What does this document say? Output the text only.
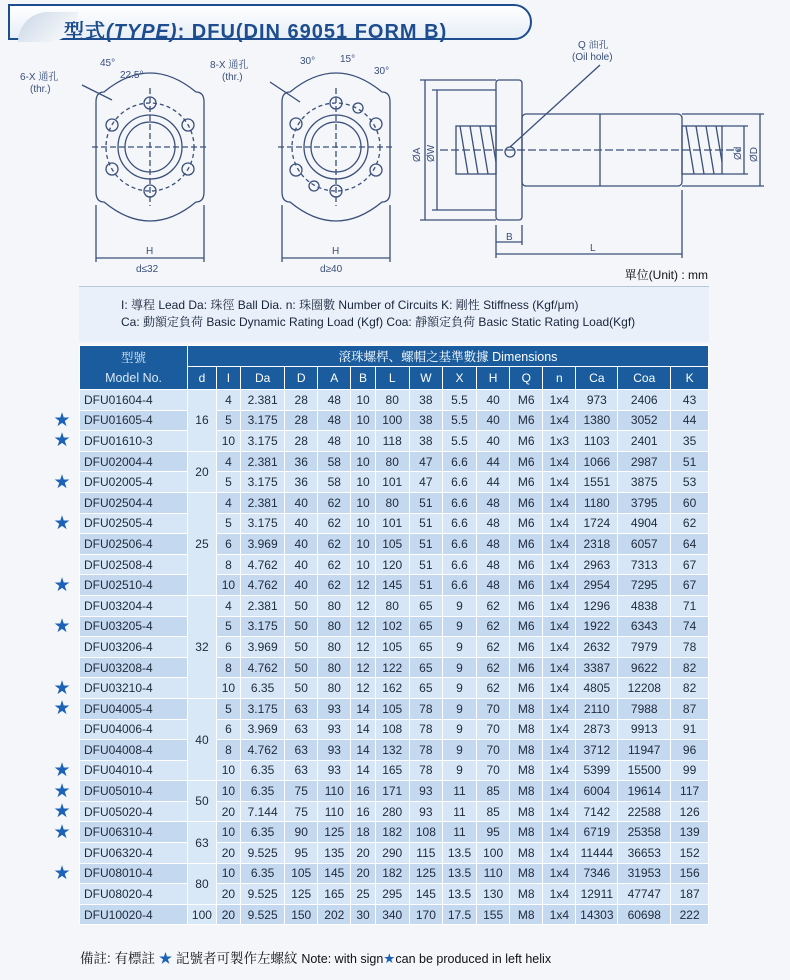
型式(TYPE): DFU(DIN 69051 FORM B)
6-X 通孔
(thr.)
45°
22.5°
H
d≤32
8-X 通孔
(thr.)
30° 15°
30°
H
d≥40
Q 油孔
(Oil hole)
ØA ØW	Ød ØD
B
L
單位(Unit) : mm
I: 導程 Lead Da: 珠徑 Ball Dia. n: 珠圈數 Number of Circuits K: 剛性 Stiffness (Kgf/μm)
Ca: 動額定負荷 Basic Dynamic Rating Load (Kgf) Coa: 靜額定負荷 Basic Static Rating Load(Kgf)
★
★
★
★
★
★
★
★
★
★
★
★
★
型號
Model No.	滾珠螺桿、螺帽之基準數據 Dimensions														
	d	I	Da	D	A	B	L	W	X	H	Q	n	Ca	Coa	K
DFU01604-4	16	4	2.381	28	48	10	80	38	5.5	40	M6	1x4	973	2406	43
DFU01605-4		5	3.175	28	48	10	100	38	5.5	40	M6	1x4	1380	3052	44
DFU01610-3		10	3.175	28	48	10	118	38	5.5	40	M6	1x3	1103	2401	35
DFU02004-4	20	4	2.381	36	58	10	80	47	6.6	44	M6	1x4	1066	2987	51
DFU02005-4		5	3.175	36	58	10	101	47	6.6	44	M6	1x4	1551	3875	53
DFU02504-4	25	4	2.381	40	62	10	80	51	6.6	48	M6	1x4	1180	3795	60
DFU02505-4		5	3.175	40	62	10	101	51	6.6	48	M6	1x4	1724	4904	62
DFU02506-4		6	3.969	40	62	10	105	51	6.6	48	M6	1x4	2318	6057	64
DFU02508-4		8	4.762	40	62	10	120	51	6.6	48	M6	1x4	2963	7313	67
DFU02510-4		10	4.762	40	62	12	145	51	6.6	48	M6	1x4	2954	7295	67
DFU03204-4	32	4	2.381	50	80	12	80	65	9	62	M6	1x4	1296	4838	71
DFU03205-4		5	3.175	50	80	12	102	65	9	62	M6	1x4	1922	6343	74
DFU03206-4		6	3.969	50	80	12	105	65	9	62	M6	1x4	2632	7979	78
DFU03208-4		8	4.762	50	80	12	122	65	9	62	M6	1x4	3387	9622	82
DFU03210-4		10	6.35	50	80	12	162	65	9	62	M6	1x4	4805	12208	82
DFU04005-4	40	5	3.175	63	93	14	105	78	9	70	M8	1x4	2110	7988	87
DFU04006-4		6	3.969	63	93	14	108	78	9	70	M8	1x4	2873	9913	91
DFU04008-4		8	4.762	63	93	14	132	78	9	70	M8	1x4	3712	11947	96
DFU04010-4		10	6.35	63	93	14	165	78	9	70	M8	1x4	5399	15500	99
DFU05010-4	50	10	6.35	75	110	16	171	93	11	85	M8	1x4	6004	19614	117
DFU05020-4		20	7.144	75	110	16	280	93	11	85	M8	1x4	7142	22588	126
DFU06310-4	63	10	6.35	90	125	18	182	108	11	95	M8	1x4	6719	25358	139
DFU06320-4		20	9.525	95	135	20	290	115	13.5	100	M8	1x4	11444	36653	152
DFU08010-4	80	10	6.35	105	145	20	182	125	13.5	110	M8	1x4	7346	31953	156
DFU08020-4		20	9.525	125	165	25	295	145	13.5	130	M8	1x4	12911	47747	187
DFU10020-4	100	20	9.525	150	202	30	340	170	17.5	155	M8	1x4	14303	60698	222
備註: 有標註 ★ 記號者可製作左螺紋 Note: with sign★can be produced in left helix
